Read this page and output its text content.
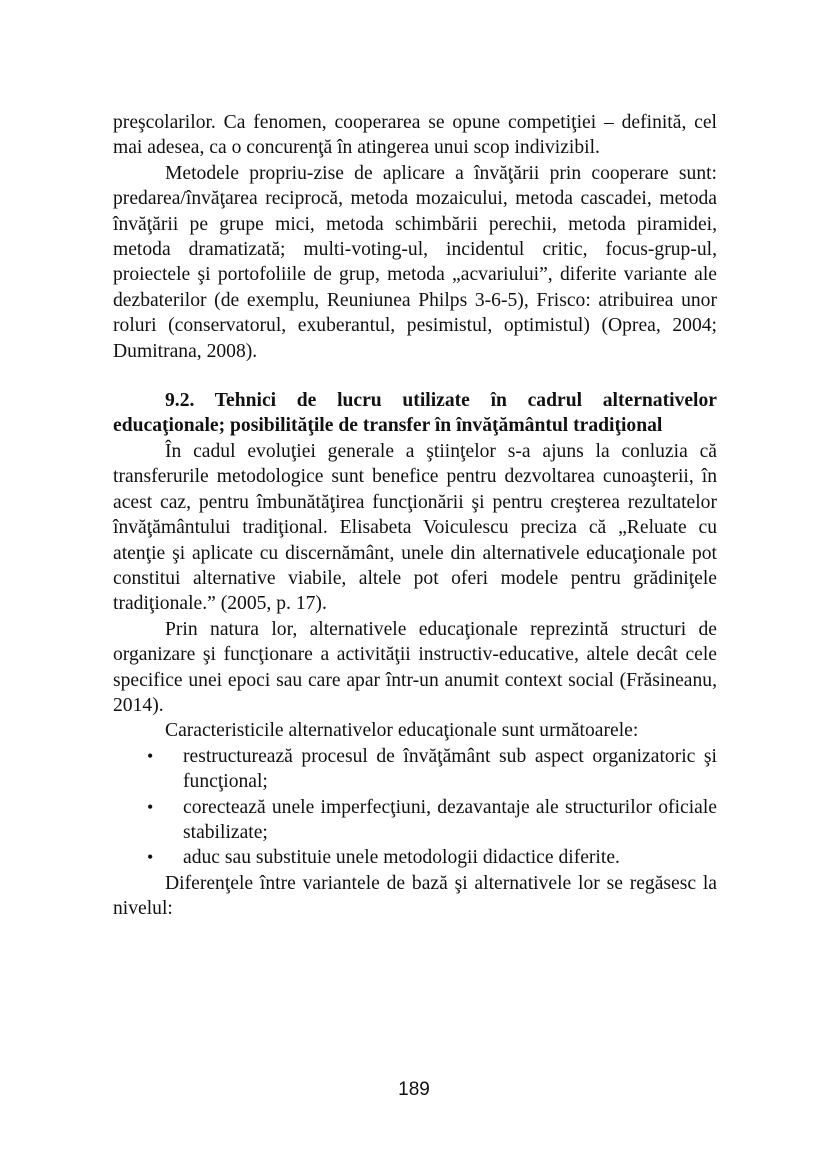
preşcolarilor. Ca fenomen, cooperarea se opune competiţiei – definită, cel mai adesea, ca o concurenţă în atingerea unui scop indivizibil.

Metodele propriu-zise de aplicare a învăţării prin cooperare sunt: predarea/învăţarea reciprocă, metoda mozaicului, metoda cascadei, metoda învăţării pe grupe mici, metoda schimbării perechii, metoda piramidei, metoda dramatizată; multi-voting-ul, incidentul critic, focus-grup-ul, proiectele şi portofoliile de grup, metoda „acvariului”, diferite variante ale dezbaterilor (de exemplu, Reuniunea Philps 3-6-5), Frisco: atribuirea unor roluri (conservatorul, exuberantul, pesimistul, optimistul) (Oprea, 2004; Dumitrana, 2008).

9.2. Tehnici de lucru utilizate în cadrul alternativelor educaţionale; posibilităţile de transfer în învăţământul tradiţional

În cadul evoluţiei generale a ştiinţelor s-a ajuns la conluzia că transferurile metodologice sunt benefice pentru dezvoltarea cunoaşterii, în acest caz, pentru îmbunătăţirea funcţionării şi pentru creşterea rezultatelor învăţământului tradiţional. Elisabeta Voiculescu preciza că „Reluate cu atenţie şi aplicate cu discernământ, unele din alternativele educaţionale pot constitui alternative viabile, altele pot oferi modele pentru grădiniţele tradiţionale.” (2005, p. 17).

Prin natura lor, alternativele educaţionale reprezintă structuri de organizare şi funcţionare a activităţii instructiv-educative, altele decât cele specifice unei epoci sau care apar într-un anumit context social (Frăsineanu, 2014).

Caracteristicile alternativelor educaţionale sunt următoarele:

• restructurează procesul de învăţământ sub aspect organizatoric şi funcţional;
• corectează unele imperfecţiuni, dezavantaje ale structurilor oficiale stabilizate;
• aduc sau substituie unele metodologii didactice diferite.

Diferenţele între variantele de bază şi alternativele lor se regăsesc la nivelul:

189
